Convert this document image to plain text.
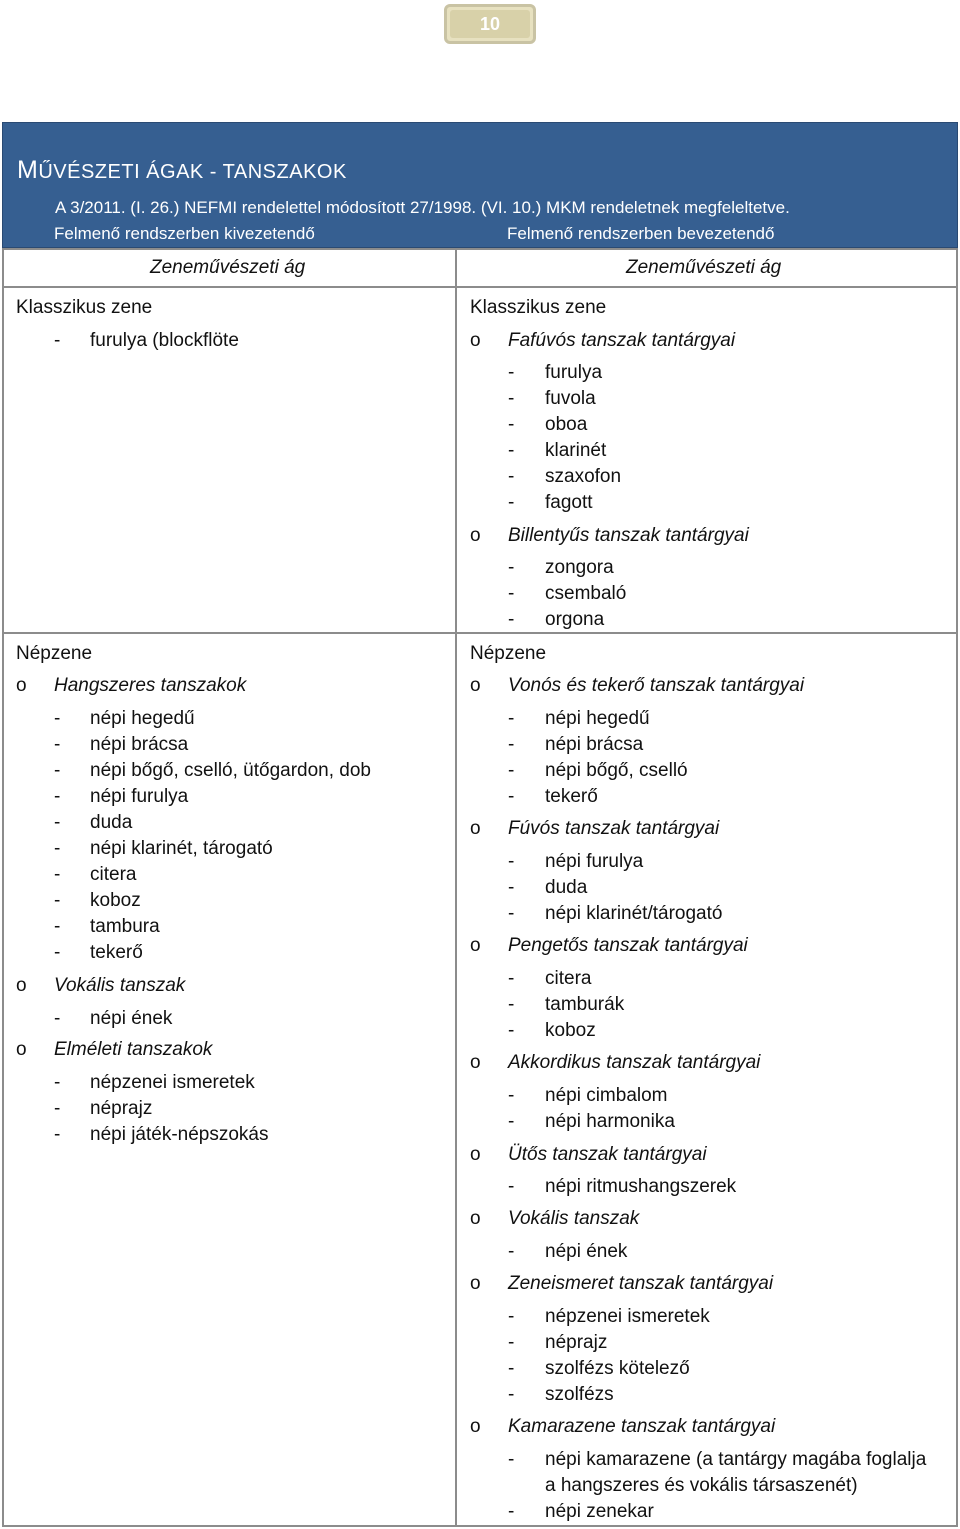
10
MŰVÉSZETI ÁGAK - TANSZAKOK
A 3/2011. (I. 26.) NEFMI rendelettel módosított 27/1998. (VI. 10.) MKM rendeletnek megfeleltetve.
Felmenő rendszerben kivezetendő	Felmenő rendszerben bevezetendő
Zeneművészeti ág	Zeneművészeti ág
Klasszikus zene
- furulya (blockflöte
Népzene
o Hangszeres tanszakok
- népi hegedű
- népi brácsa
- népi bőgő, cselló, ütőgardon, dob
- népi furulya
- duda
- népi klarinét, tárogató
- citera
- koboz
- tambura
- tekerő
o Vokális tanszak
- népi ének
o Elméleti tanszakok
- népzenei ismeretek
- néprajz
- népi játék-népszokás
Klasszikus zene
o Fafúvós tanszak tantárgyai
- furulya
- fuvola
- oboa
- klarinét
- szaxofon
- fagott
o Billentyűs tanszak tantárgyai
- zongora
- csembaló
- orgona
Népzene
o Vonós és tekerő tanszak tantárgyai
- népi hegedű
- népi brácsa
- népi bőgő, cselló
- tekerő
o Fúvós tanszak tantárgyai
- népi furulya
- duda
- népi klarinét/tárogató
o Pengetős tanszak tantárgyai
- citera
- tamburák
- koboz
o Akkordikus tanszak tantárgyai
- népi cimbalom
- népi harmonika
o Ütős tanszak tantárgyai
- népi ritmushangszerek
o Vokális tanszak
- népi ének
o Zeneismeret tanszak tantárgyai
- népzenei ismeretek
- néprajz
- szolfézs kötelező
- szolfézs
o Kamarazene tanszak tantárgyai
- népi kamarazene (a tantárgy magába foglalja
a hangszeres és vokális társaszenét)
- népi zenekar
